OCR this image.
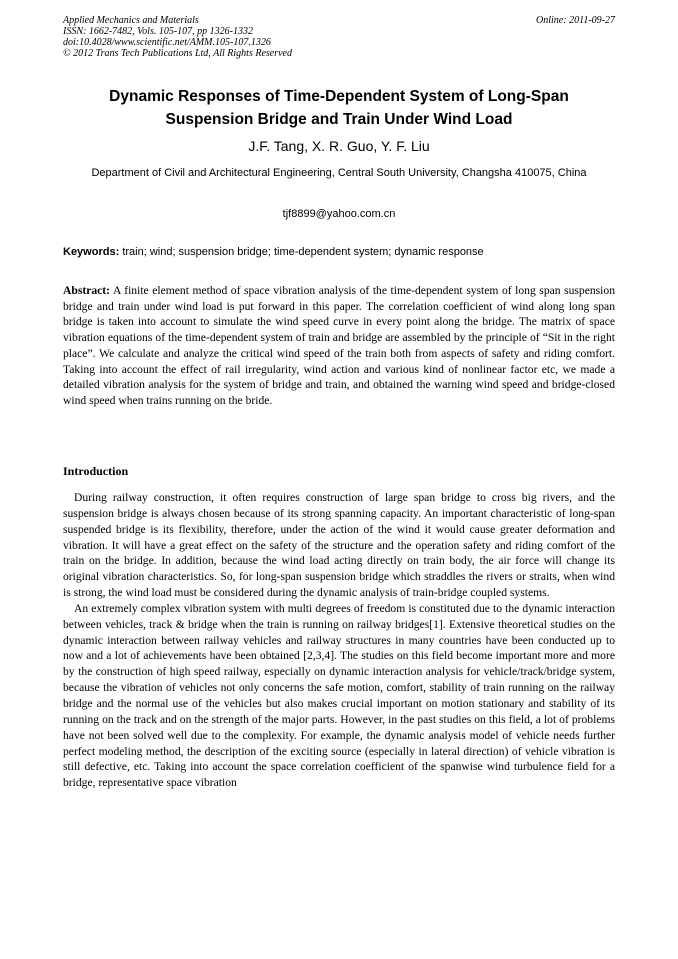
Applied Mechanics and Materials
ISSN: 1662-7482, Vols. 105-107, pp 1326-1332
doi:10.4028/www.scientific.net/AMM.105-107.1326
© 2012 Trans Tech Publications Ltd, All Rights Reserved
Online: 2011-09-27
Dynamic Responses of Time-Dependent System of Long-Span
Suspension Bridge and Train Under Wind Load
J.F. Tang, X. R. Guo, Y. F. Liu
Department of Civil and Architectural Engineering, Central South University, Changsha 410075, China
tjf8899@yahoo.com.cn
Keywords: train; wind; suspension bridge; time-dependent system; dynamic response
Abstract: A finite element method of space vibration analysis of the time-dependent system of long span suspension bridge and train under wind load is put forward in this paper. The correlation coefficient of wind along long span bridge is taken into account to simulate the wind speed curve in every point along the bridge. The matrix of space vibration equations of the time-dependent system of train and bridge are assembled by the principle of “Sit in the right place”. We calculate and analyze the critical wind speed of the train both from aspects of safety and riding comfort. Taking into account the effect of rail irregularity, wind action and various kind of nonlinear factor etc, we made a detailed vibration analysis for the system of bridge and train, and obtained the warning wind speed and bridge-closed wind speed when trains running on the bride.
Introduction

During railway construction, it often requires construction of large span bridge to cross big rivers, and the suspension bridge is always chosen because of its strong spanning capacity. An important characteristic of long-span suspended bridge is its flexibility, therefore, under the action of the wind it would cause greater deformation and vibration. It will have a great effect on the safety of the structure and the operation safety and riding comfort of the train on the bridge. In addition, because the wind load acting directly on train body, the air force will change its original vibration characteristics. So, for long-span suspension bridge which straddles the rivers or straits, when wind is strong, the wind load must be considered during the dynamic analysis of train-bridge coupled systems.

An extremely complex vibration system with multi degrees of freedom is constituted due to the dynamic interaction between vehicles, track & bridge when the train is running on railway bridges[1]. Extensive theoretical studies on the dynamic interaction between railway vehicles and railway structures in many countries have been conducted up to now and a lot of achievements have been obtained [2,3,4]. The studies on this field become important more and more by the construction of high speed railway, especially on dynamic interaction analysis for vehicle/track/bridge system, because the vibration of vehicles not only concerns the safe motion, comfort, stability of train running on the railway bridge and the normal use of the vehicles but also makes crucial important on motion stationary and stability of its running on the track and on the strength of the major parts. However, in the past studies on this field, a lot of problems have not been solved well due to the complexity. For example, the dynamic analysis model of vehicle needs further perfect modeling method, the description of the exciting source (especially in lateral direction) of vehicle vibration is still defective, etc. Taking into account the space correlation coefficient of the spanwise wind turbulence field for a bridge, representative space vibration
